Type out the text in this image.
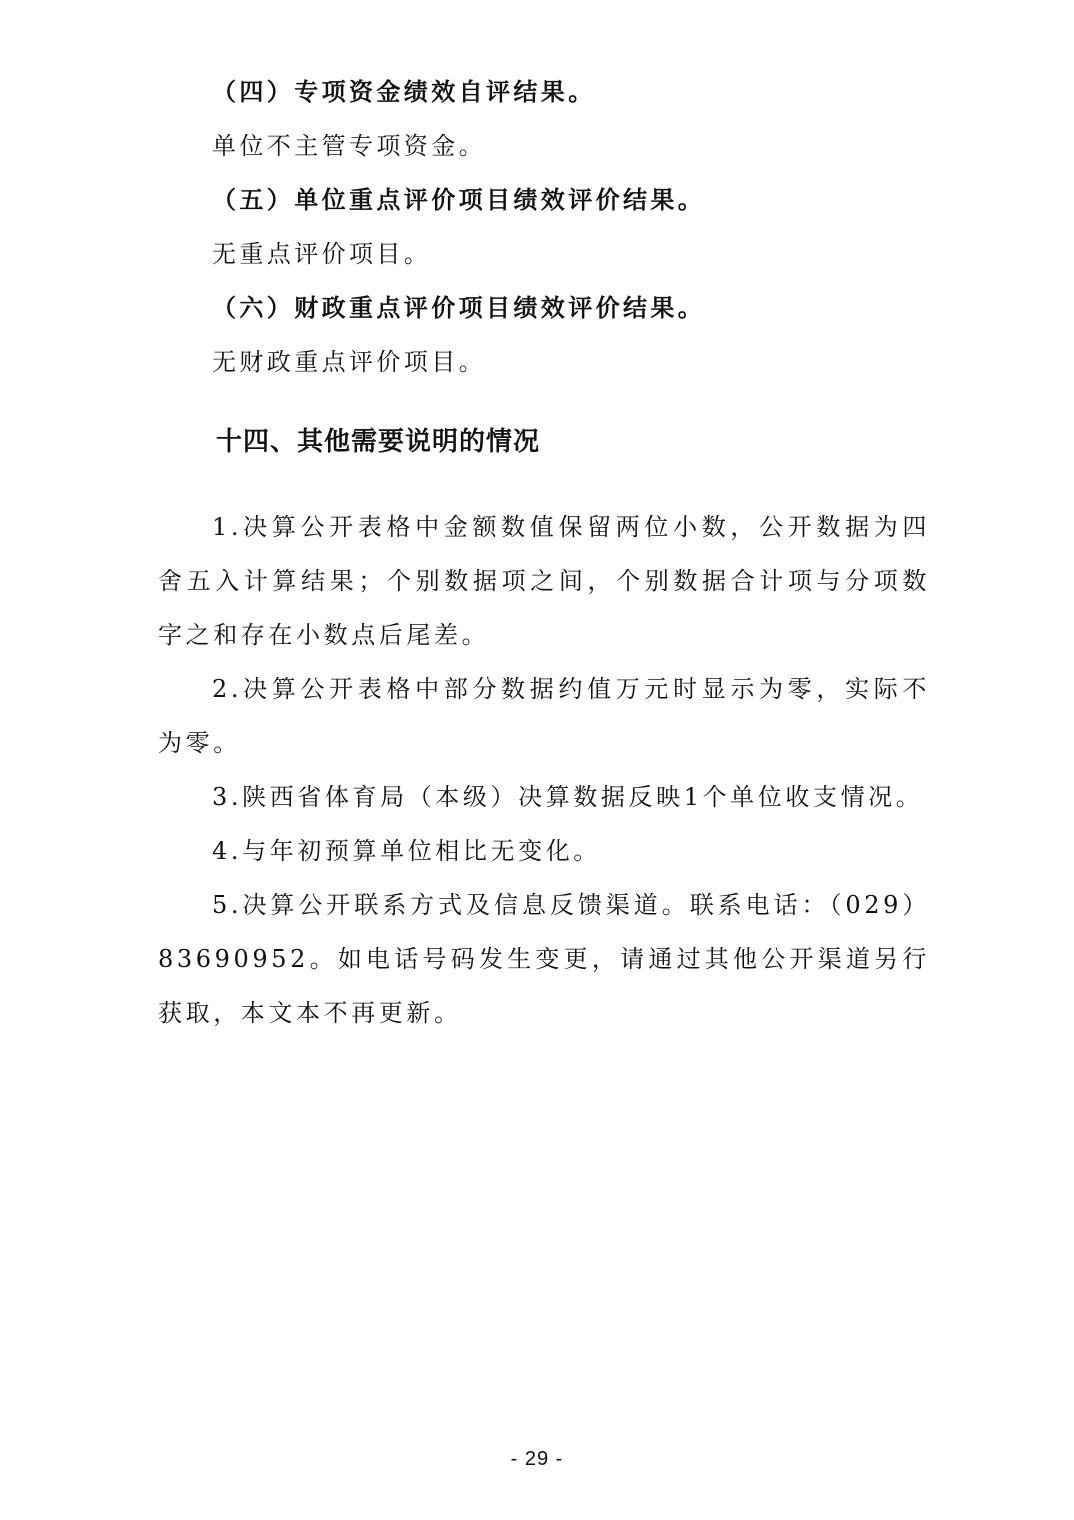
（四）专项资金绩效自评结果。

单位不主管专项资金。

（五）单位重点评价项目绩效评价结果。

无重点评价项目。

（六）财政重点评价项目绩效评价结果。

无财政重点评价项目。

十四、其他需要说明的情况

1.决算公开表格中金额数值保留两位小数，公开数据为四舍五入计算结果；个别数据项之间，个别数据合计项与分项数字之和存在小数点后尾差。

2.决算公开表格中部分数据约值万元时显示为零，实际不为零。

3.陕西省体育局（本级）决算数据反映1个单位收支情况。

4.与年初预算单位相比无变化。

5.决算公开联系方式及信息反馈渠道。联系电话：（029）83690952。如电话号码发生变更，请通过其他公开渠道另行获取，本文本不再更新。

- 29 -
